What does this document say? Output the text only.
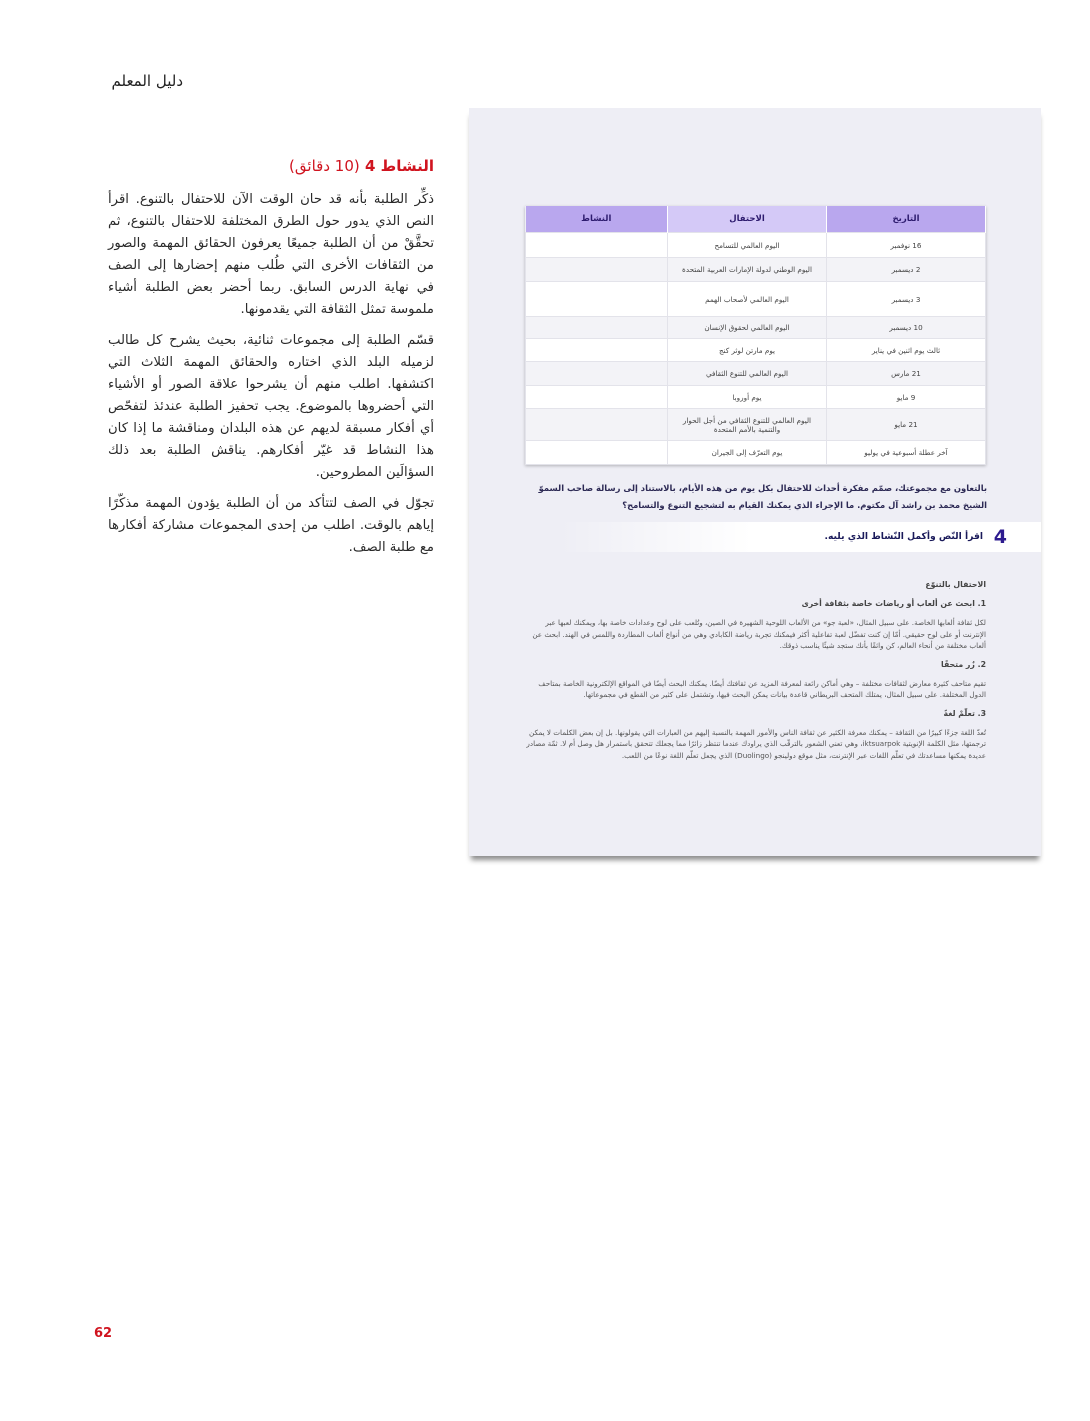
دليل المعلم
النشاط 4 (10 دقائق)

ذكِّر الطلبة بأنه قد حان الوقت الآن للاحتفال بالتنوع. اقرأ النص الذي يدور حول الطرق المختلفة للاحتفال بالتنوع، ثم تحقَّقْ من أن الطلبة جميعًا يعرفون الحقائق المهمة والصور من الثقافات الأخرى التي طُلب منهم إحضارها إلى الصف في نهاية الدرس السابق. ربما أحضر بعض الطلبة أشياء ملموسة تمثل الثقافة التي يقدمونها.

قسّم الطلبة إلى مجموعات ثنائية، بحيث يشرح كل طالب لزميله البلد الذي اختاره والحقائق المهمة الثلاث التي اكتشفها. اطلب منهم أن يشرحوا علاقة الصور أو الأشياء التي أحضروها بالموضوع. يجب تحفيز الطلبة عندئذ لتفحّص أي أفكار مسبقة لديهم عن هذه البلدان ومناقشة ما إذا كان هذا النشاط قد غيّر أفكارهم. يناقش الطلبة بعد ذلك السؤالَين المطروحين.

تجوّل في الصف لتتأكد من أن الطلبة يؤدون المهمة مذكّرًا إياهم بالوقت. اطلب من إحدى المجموعات مشاركة أفكارها مع طلبة الصف.

التاريخ	الاحتفال	النشاط
16 نوفمبر	اليوم العالمي للتسامح	
2 ديسمبر	اليوم الوطني لدولة الإمارات العربية المتحدة	
3 ديسمبر	اليوم العالمي لأصحاب الهمم	
10 ديسمبر	اليوم العالمي لحقوق الإنسان	
ثالث يوم اثنين في يناير	يوم مارتن لوثر كنج	
21 مارس	اليوم العالمي للتنوع الثقافي	
9 مايو	يوم أوروبا	
21 مايو	اليوم العالمي للتنوع الثقافي من أجل الحوار والتنمية بالأمم المتحدة	
آخر عطلة أسبوعية في يوليو	يوم التعرّف إلى الجيران	
بالتعاون مع مجموعتك، صمّم مفكرة أحداث للاحتفال بكل يوم من هذه الأيام، بالاستناد إلى رسالة صاحب السموّ الشيخ محمد بن راشد آل مكتوم. ما الإجراء الذي يمكنك القيام به لتشجيع التنوع والتسامح؟
4
اقرأ النّص وأكمل النّشاط الذي يليه.
الاحتفال بالتنوّع
1. ابحث عن ألعاب أو رياضات خاصة بثقافة أخرى
لكل ثقافة ألعابها الخاصة. على سبيل المثال، «لعبة جو» من الألعاب اللوحية الشهيرة في الصين، وتُلعب على لوح وعدادات خاصة بها، ويمكنك لعبها عبر الإنترنت أو على لوح حقيقي. أمّا إن كنت تفضّل لعبة تفاعلية أكثر فيمكنك تجربة رياضة الكابادي وهي من أنواع ألعاب المطاردة واللمس في الهند. ابحث عن ألعاب مختلفة من أنحاء العالم، كن واثقًا بأنك ستجد شيئًا يناسب ذوقك.
2. زُر متحفًا
تقيم متاحف كثيرة معارض لثقافات مختلفة – وهي أماكن رائعة لمعرفة المزيد عن ثقافتك أيضًا. يمكنك البحث أيضًا في المواقع الإلكترونية الخاصة بمتاحف الدول المختلفة. على سبيل المثال، يمتلك المتحف البريطاني قاعدة بيانات يمكن البحث فيها، وتشتمل على كثير من القطع في مجموعاتها.
3. تعلّمْ لغةً
تُعدّ اللغة جزءًا كبيرًا من الثقافة – يمكنك معرفة الكثير عن ثقافة الناس والأمور المهمة بالنسبة إليهم من العبارات التي يقولونها. بل إن بعض الكلمات لا يمكن ترجمتها، مثل الكلمة الإنويتية iktsuarpok، وهي تعني الشعور بالترقّب الذي يراودك عندما تنتظر زائرًا مما يجعلك تتحقق باستمرار هل وصل أم لا. ثمّة مصادر عديدة يمكنها مساعدتك في تعلّم اللغات عبر الإنترنت، مثل موقع دولينجو (Duolingo) الذي يجعل تعلّم اللغة نوعًا من اللعب.
62
